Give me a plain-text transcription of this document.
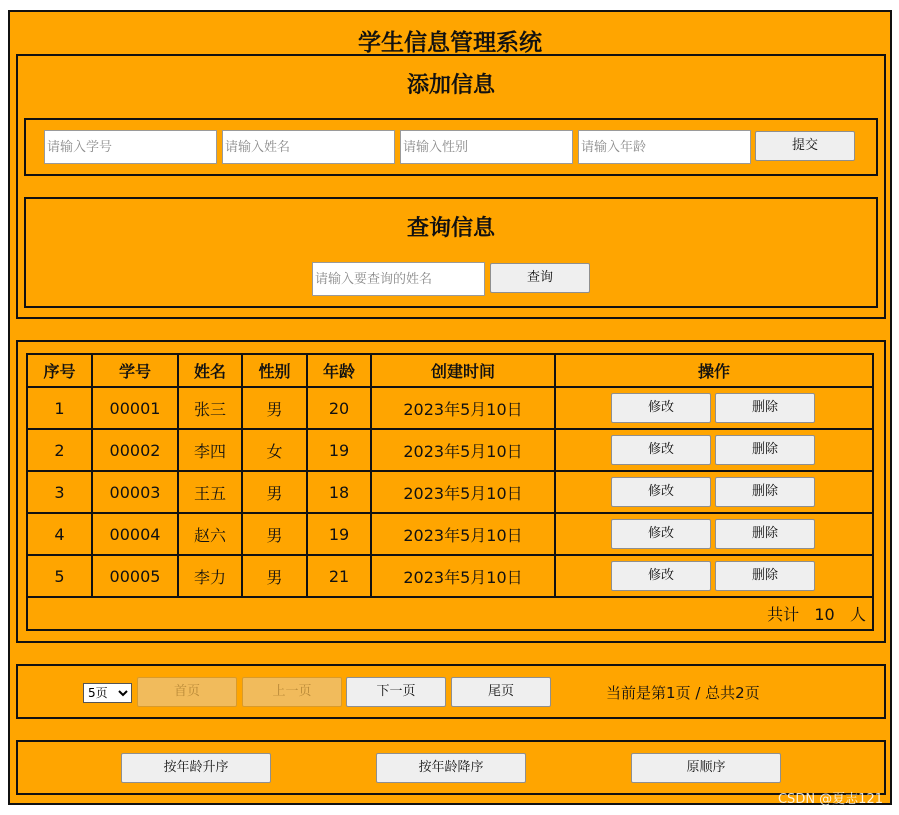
学生信息管理系统
添加信息
请输入学号
请输入姓名
请输入性别
请输入年龄
提交
查询信息
请输入要查询的姓名
查询
序号	学号	姓名	性别	年龄	创建时间	操作
1	00001	张三	男	20	2023年5月10日	修改 删除

2	00002	李四	女	19	2023年5月10日	修改 删除

3	00003	王五	男	18	2023年5月10日	修改 删除

4	00004	赵六	男	19	2023年5月10日	修改 删除

5	00005	李力	男	21	2023年5月10日	修改 删除

共计 10 人						
5页
首页	上一页	下一页	尾页	当前是第1页 / 总共2页
按年龄升序	按年龄降序	原顺序
CSDN @夏志121
